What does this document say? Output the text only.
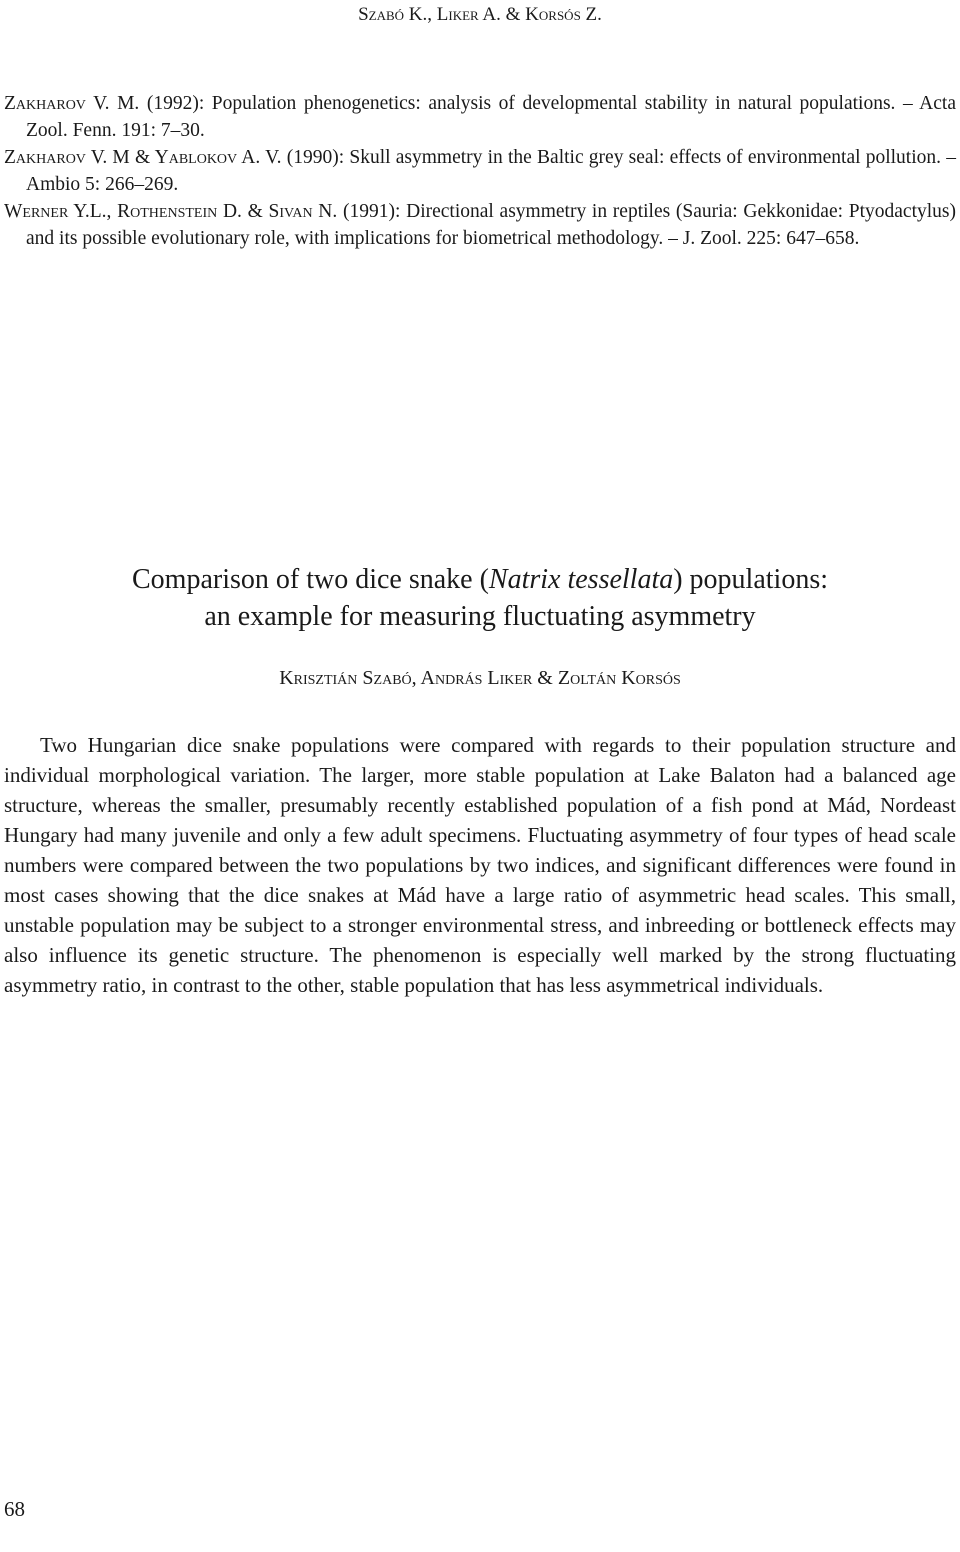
Szabó K., Liker A. & Korsós Z.

Zakharov V. M. (1992): Population phenogenetics: analysis of developmental stability in natural populations. – Acta Zool. Fenn. 191: 7–30.

Zakharov V. M & Yablokov A. V. (1990): Skull asymmetry in the Baltic grey seal: effects of environmental pollution. – Ambio 5: 266–269.

Werner Y.L., Rothenstein D. & Sivan N. (1991): Directional asymmetry in reptiles (Sauria: Gekkonidae: Ptyodactylus) and its possible evolutionary role, with implications for biometrical methodology. – J. Zool. 225: 647–658.

Comparison of two dice snake (Natrix tessellata) populations:
an example for measuring fluctuating asymmetry
Krisztián Szabó, András Liker & Zoltán Korsós

Two Hungarian dice snake populations were compared with regards to their population structure and individual morphological variation. The larger, more stable population at Lake Balaton had a balanced age structure, whereas the smaller, presumably recently established population of a fish pond at Mád, Nordeast Hungary had many juvenile and only a few adult specimens. Fluctuating asymmetry of four types of head scale numbers were compared between the two populations by two indices, and significant differences were found in most cases showing that the dice snakes at Mád have a large ratio of asymmetric head scales. This small, unstable population may be subject to a stronger environmental stress, and inbreeding or bottleneck effects may also influence its genetic structure. The phenomenon is especially well marked by the strong fluctuating asymmetry ratio, in contrast to the other, stable population that has less asymmetrical individuals.

68
